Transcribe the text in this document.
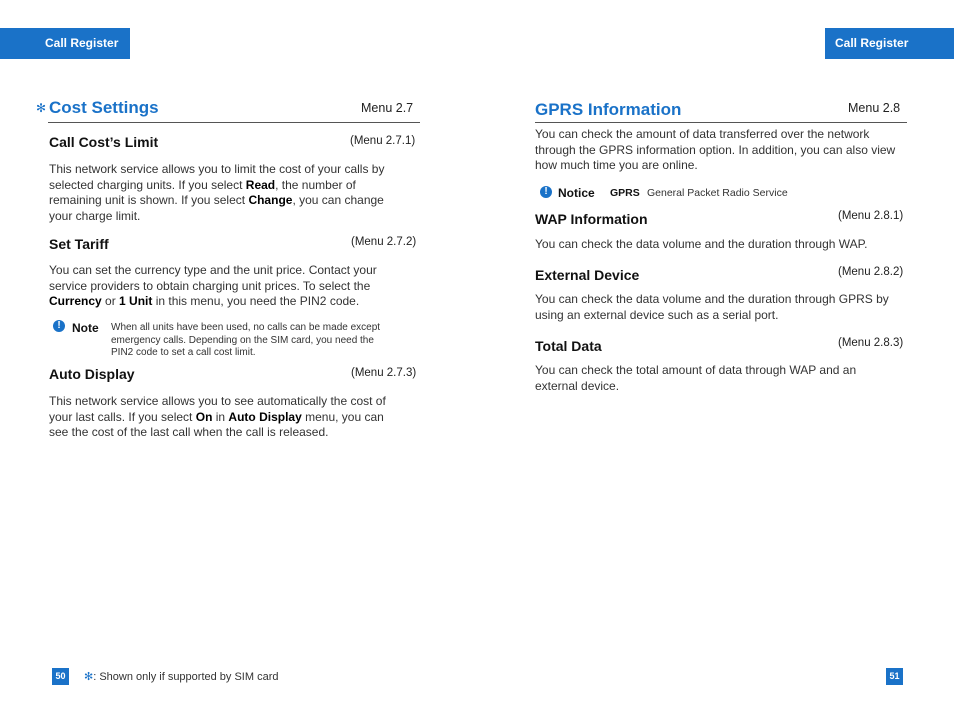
Call Register	Call Register
✻ Cost Settings	Menu 2.7
Call Cost’s Limit	(Menu 2.7.1)
This network service allows you to limit the cost of your calls by
selected charging units. If you select Read, the number of
remaining unit is shown. If you select Change, you can change
your charge limit.
Set Tariff	(Menu 2.7.2)
You can set the currency type and the unit price. Contact your
service providers to obtain charging unit prices. To select the
Currency or 1 Unit in this menu, you need the PIN2 code.
! Note When all units have been used, no calls can be made except
emergency calls. Depending on the SIM card, you need the
PIN2 code to set a call cost limit.
Auto Display	(Menu 2.7.3)
This network service allows you to see automatically the cost of
your last calls. If you select On in Auto Display menu, you can
see the cost of the last call when the call is released.
GPRS Information	Menu 2.8
You can check the amount of data transferred over the network
through the GPRS information option. In addition, you can also view
how much time you are online.
! Notice GPRS General Packet Radio Service
WAP Information	(Menu 2.8.1)
You can check the data volume and the duration through WAP.
External Device	(Menu 2.8.2)
You can check the data volume and the duration through GPRS by
using an external device such as a serial port.
Total Data	(Menu 2.8.3)
You can check the total amount of data through WAP and an
external device.
50	✻: Shown only if supported by SIM card	51
